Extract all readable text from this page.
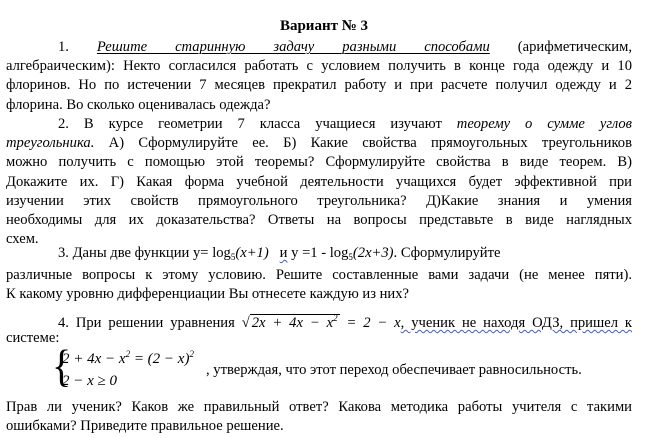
Вариант № 3
1. Решите старинную задачу разными способами (арифметическим,
алгебраическим): Некто согласился работать с условием получить в конце года одежду и 10
флоринов. Но по истечении 7 месяцев прекратил работу и при расчете получил одежду и 2
флорина. Во сколько оценивалась одежда?
2. В курсе геометрии 7 класса учащиеся изучают теорему о сумме углов
треугольника. А) Сформулируйте ее. Б) Какие свойства прямоугольных треугольников
можно получить с помощью этой теоремы? Сформулируйте свойства в виде теорем. В)
Докажите их. Г) Какая форма учебной деятельности учащихся будет эффективной при
изучении этих свойств прямоугольного треугольника? Д)Какие знания и умения
необходимы для их доказательства? Ответы на вопросы представьте в виде наглядных
схем.
3. Даны две функции $y= \log_5(x+1)$ и $y =1 - \log_5(2x+3)$. Сформулируйте
различные вопросы к этому условию. Решите составленные вами задачи (не менее пяти).
К какому уровню дифференциации Вы отнесете каждую из них?
4. При решении уравнения √ $2x + 4x - x^2 = 2 - x$, ученик не находя ОДЗ, пришел к
системе:
{
$2 + 4x - x^2 = (2 - x)^2$
2 − x ≥ 0
, утверждая, что этот переход обеспечивает равносильность.
Прав ли ученик? Каков же правильный ответ? Какова методика работы учителя с такими
ошибками? Приведите правильное решение.
